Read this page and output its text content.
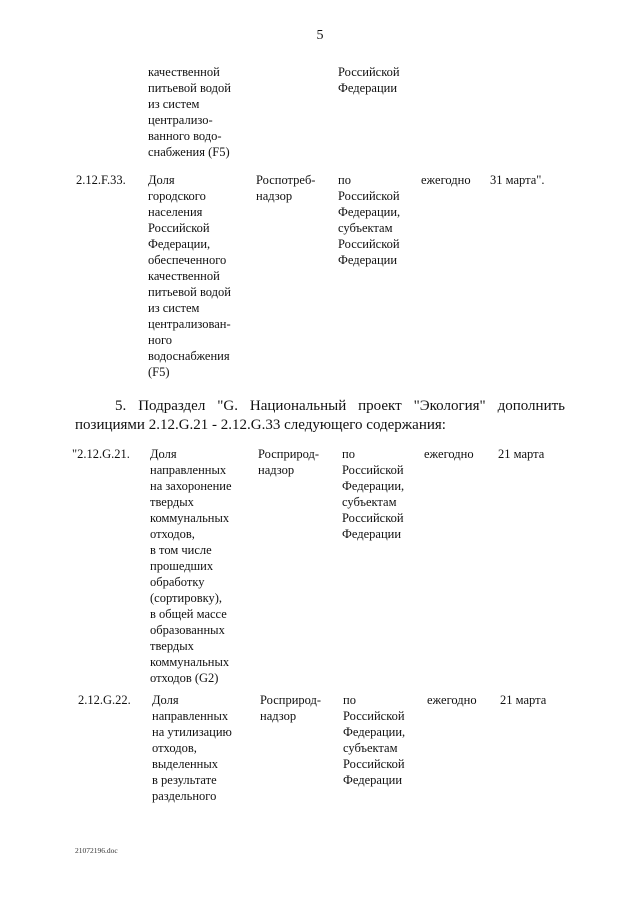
5
качественной
питьевой водой
из систем
централизо-
ванного водо-
снабжения (F5)
Российской
Федерации
2.12.F.33. Доля
городского
населения
Российской
Федерации,
обеспеченного
качественной
питьевой водой
из систем
централизован-
ного
водоснабжения
(F5)
Роспотреб-
надзор
по
Российской
Федерации,
субъектам
Российской
Федерации
ежегодно 31 марта".
5. Подраздел "G. Национальный проект "Экология" дополнить
позициями 2.12.G.21 - 2.12.G.33 следующего содержания:
"2.12.G.21. Доля
направленных
на захоронение
твердых
коммунальных
отходов,
в том числе
прошедших
обработку
(сортировку),
в общей массе
образованных
твердых
коммунальных
отходов (G2)
Росприрод-
надзор
по
Российской
Федерации,
субъектам
Российской
Федерации
ежегодно 21 марта
2.12.G.22. Доля
направленных
на утилизацию
отходов,
выделенных
в результате
раздельного
Росприрод-
надзор
по
Российской
Федерации,
субъектам
Российской
Федерации
ежегодно 21 марта
21072196.doc
